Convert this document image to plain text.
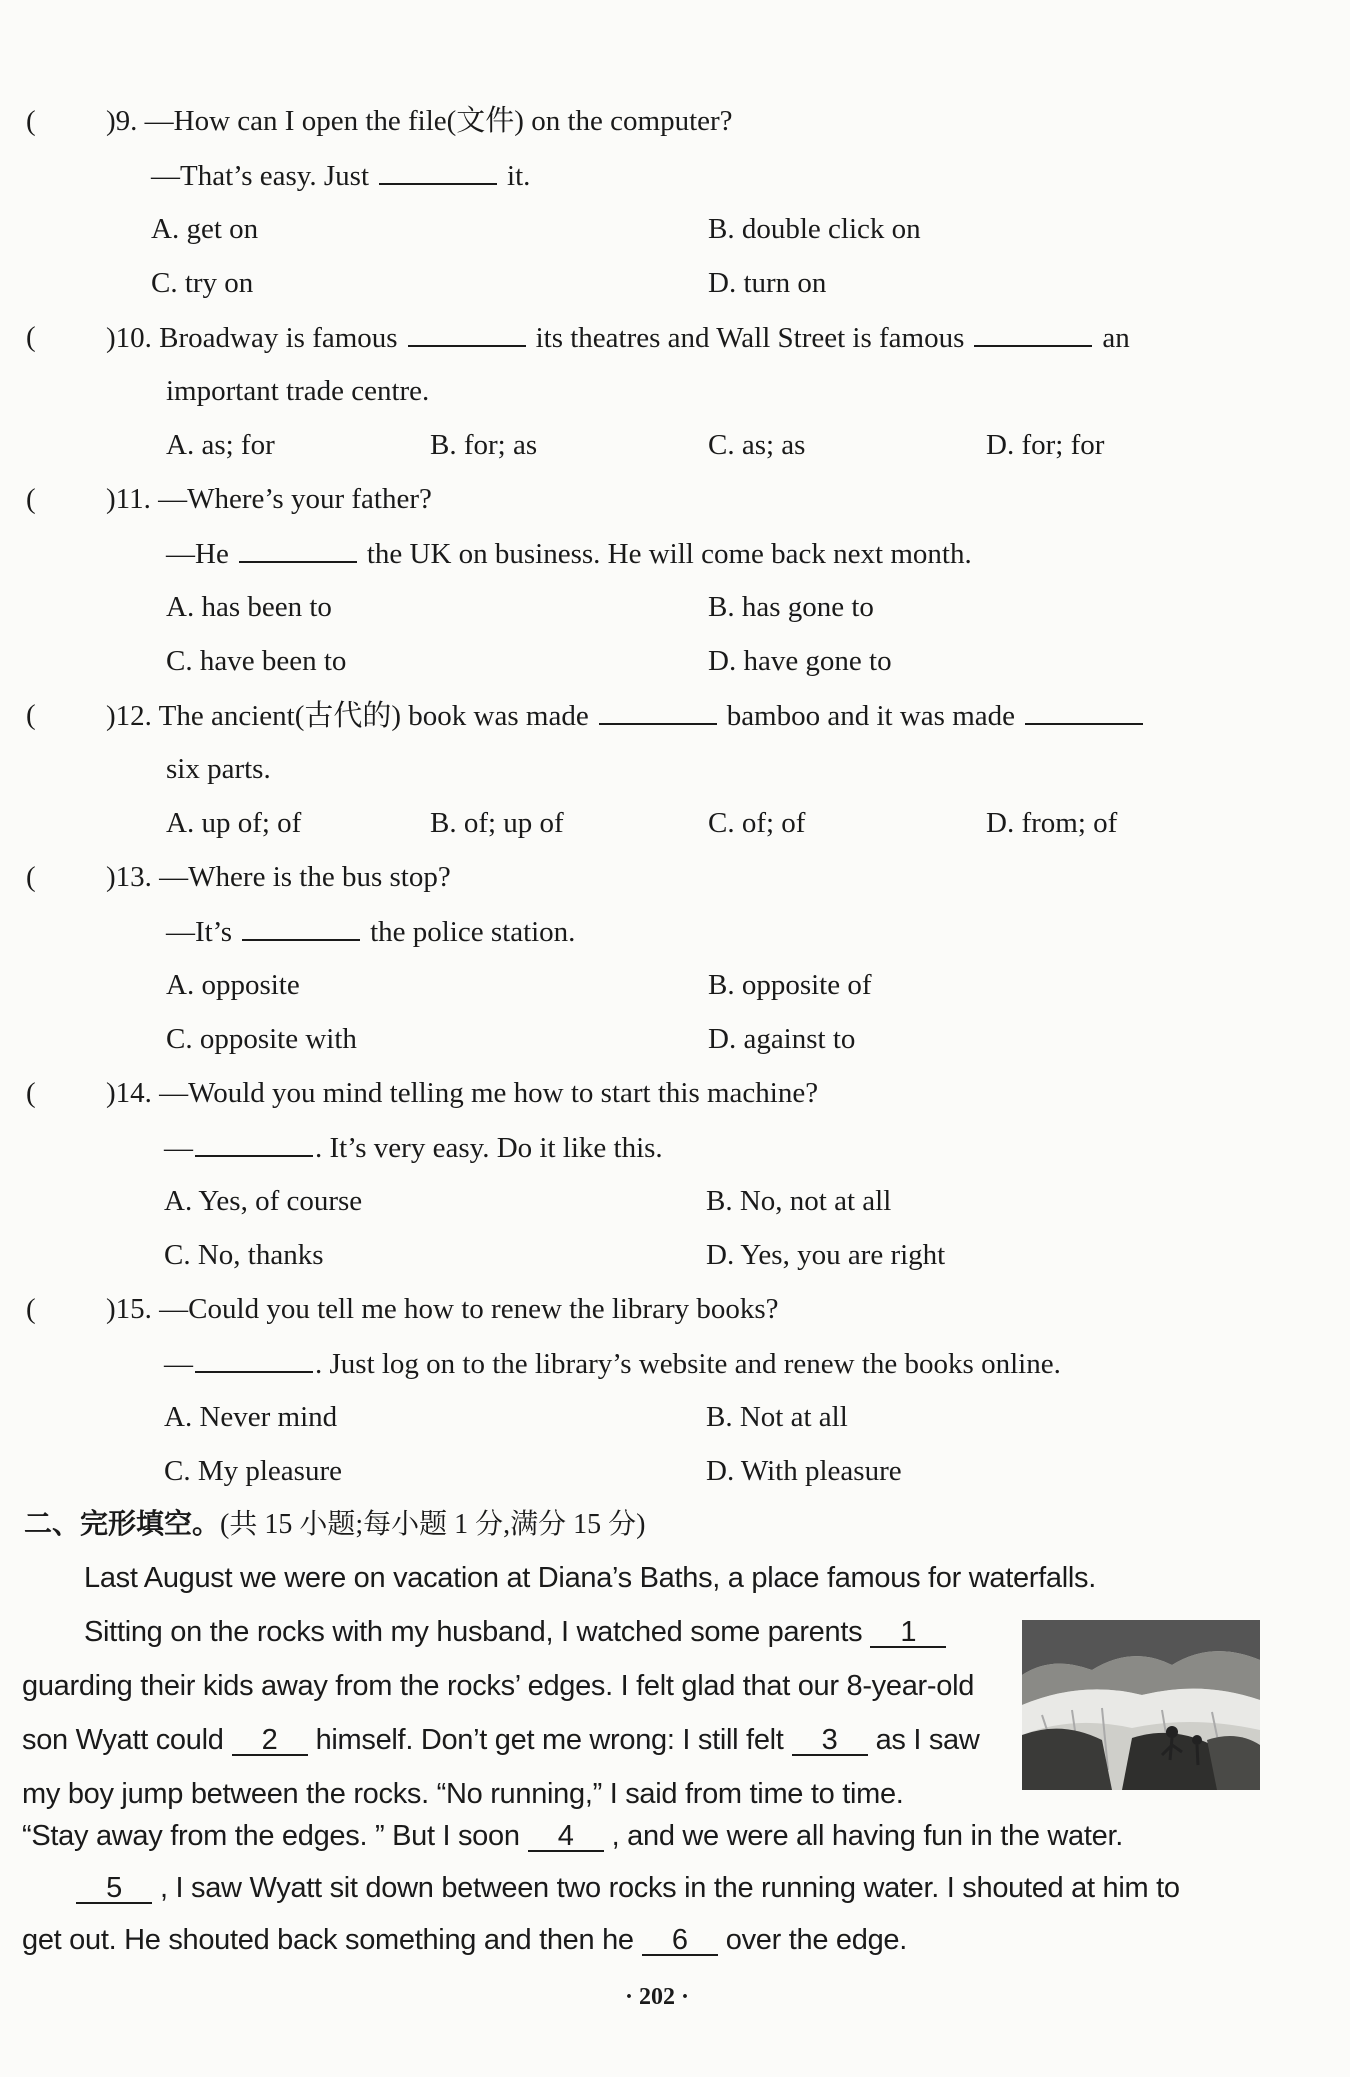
( )9. —How can I open the file(文件) on the computer?
—That’s easy. Just	it.
A. get on	B. double click on
C. try on	D. turn on
( )10. Broadway is famous	its theatres and Wall Street is famous	an
important trade centre.
A. as; for	B. for; as	C. as; as	D. for; for
( )11. —Where’s your father?
—He	the UK on business. He will come back next month.
A. has been to	B. has gone to
C. have been to	D. have gone to
( )12. The ancient(古代的) book was made	bamboo and it was made
six parts.
A. up of; of	B. of; up of	C. of; of	D. from; of
( )13. —Where is the bus stop?
—It’s	the police station.
A. opposite	B. opposite of
C. opposite with	D. against to
( )14. —Would you mind telling me how to start this machine?
—	. It’s very easy. Do it like this.
A. Yes, of course	B. No, not at all
C. No, thanks	D. Yes, you are right
( )15. —Could you tell me how to renew the library books?
—	. Just log on to the library’s website and renew the books online.
A. Never mind	B. Not at all
C. My pleasure	D. With pleasure
二、完形填空。(共 15 小题;每小题 1 分,满分 15 分)
Last August we were on vacation at Diana’s Baths, a place famous for waterfalls.
Sitting on the rocks with my husband, I watched some parents 1
guarding their kids away from the rocks’ edges. I felt glad that our 8-year-old
son Wyatt could 2 himself. Don’t get me wrong: I still felt 3 as I saw
my boy jump between the rocks. “No running,” I said from time to time.
“Stay away from the edges. ” But I soon 4 , and we were all having fun in the water.
5 , I saw Wyatt sit down between two rocks in the running water. I shouted at him to
get out. He shouted back something and then he 6 over the edge.
· 202 ·
